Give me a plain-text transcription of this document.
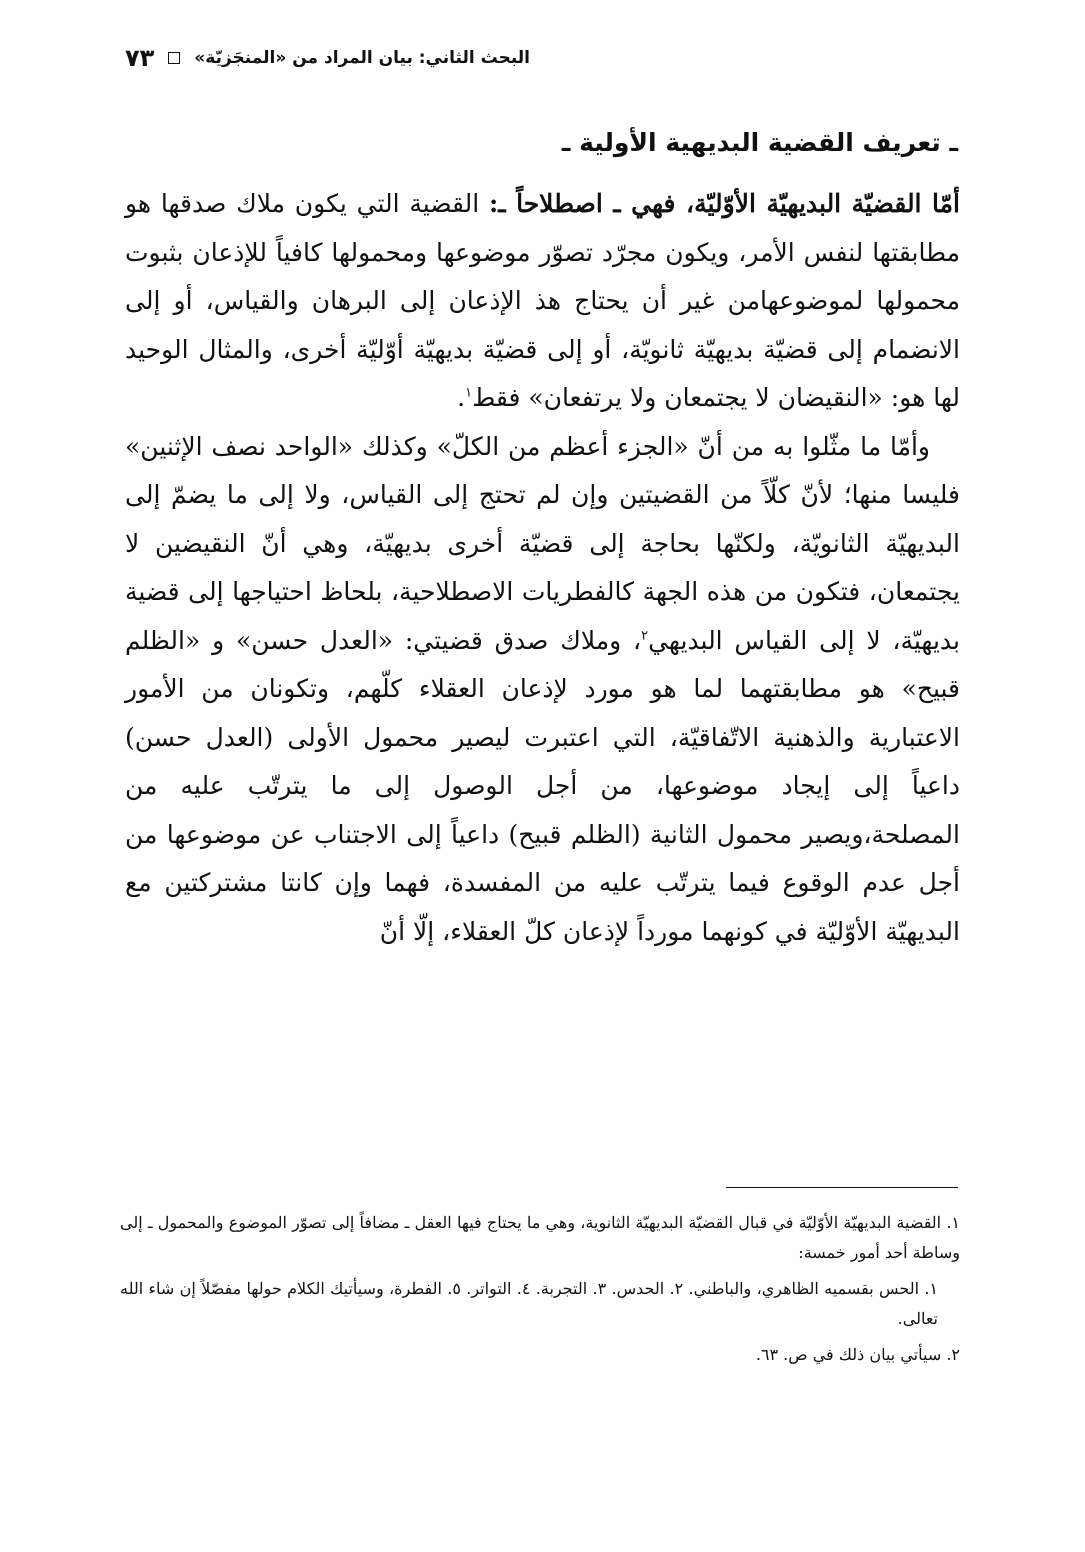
البحث الثاني: بيان المراد من «المنجَزيّة»
٧٣
ـ تعريف القضية البديهية الأولية ـ

أمّا القضيّة البديهيّة الأوّليّة، فهي ـ اصطلاحاً ـ: القضية التي يكون ملاك صدقها هو مطابقتها لنفس الأمر، ويكون مجرّد تصوّر موضوعها ومحمولها كافياً للإذعان بثبوت محمولها لموضوعهامن غير أن يحتاج هذ الإذعان إلى البرهان والقياس، أو إلى الانضمام إلى قضيّة بديهيّة ثانويّة، أو إلى قضيّة بديهيّة أوّليّة أخرى، والمثال الوحيد لها هو: «النقيضان لا يجتمعان ولا يرتفعان» فقط$^١$.

وأمّا ما مثّلوا به من أنّ «الجزء أعظم من الكلّ» وكذلك «الواحد نصف الإثنين» فليسا منها؛ لأنّ كلّاً من القضيتين وإن لم تحتج إلى القياس، ولا إلى ما يضمّ إلى البديهيّة الثانويّة، ولكنّها بحاجة إلى قضيّة أخرى بديهيّة، وهي أنّ النقيضين لا يجتمعان، فتكون من هذه الجهة كالفطريات الاصطلاحية، بلحاظ احتياجها إلى قضية بديهيّة، لا إلى القياس البديهي$^٢$، وملاك صدق قضيتي: «العدل حسن» و «الظلم قبيح» هو مطابقتهما لما هو مورد لإذعان العقلاء كلّهم، وتكونان من الأمور الاعتبارية والذهنية الاتّفاقيّة، التي اعتبرت ليصير محمول الأولى (العدل حسن) داعياً إلى إيجاد موضوعها، من أجل الوصول إلى ما يترتّب عليه من المصلحة،ويصير محمول الثانية (الظلم قبيح) داعياً إلى الاجتناب عن موضوعها من أجل عدم الوقوع فيما يترتّب عليه من المفسدة، فهما وإن كانتا مشتركتين مع البديهيّة الأوّليّة في كونهما مورداً لإذعان كلّ العقلاء، إلّا أنّ

١. القضية البديهيّة الأوّليّة في قبال القضيّة البديهيّة الثانوية، وهي ما يحتاج فيها العقل ـ مضافاً إلى تصوّر الموضوع والمحمول ـ إلى وساطة أحد أمور خمسة:

١. الحس بقسميه الظاهري، والباطني. ٢. الحدس. ٣. التجربة. ٤. التواتر. ٥. الفطرة، وسيأتيك الكلام حولها مفصّلاً إن شاء الله تعالى.

٢. سيأتي بيان ذلك في ص. ٦٣.
